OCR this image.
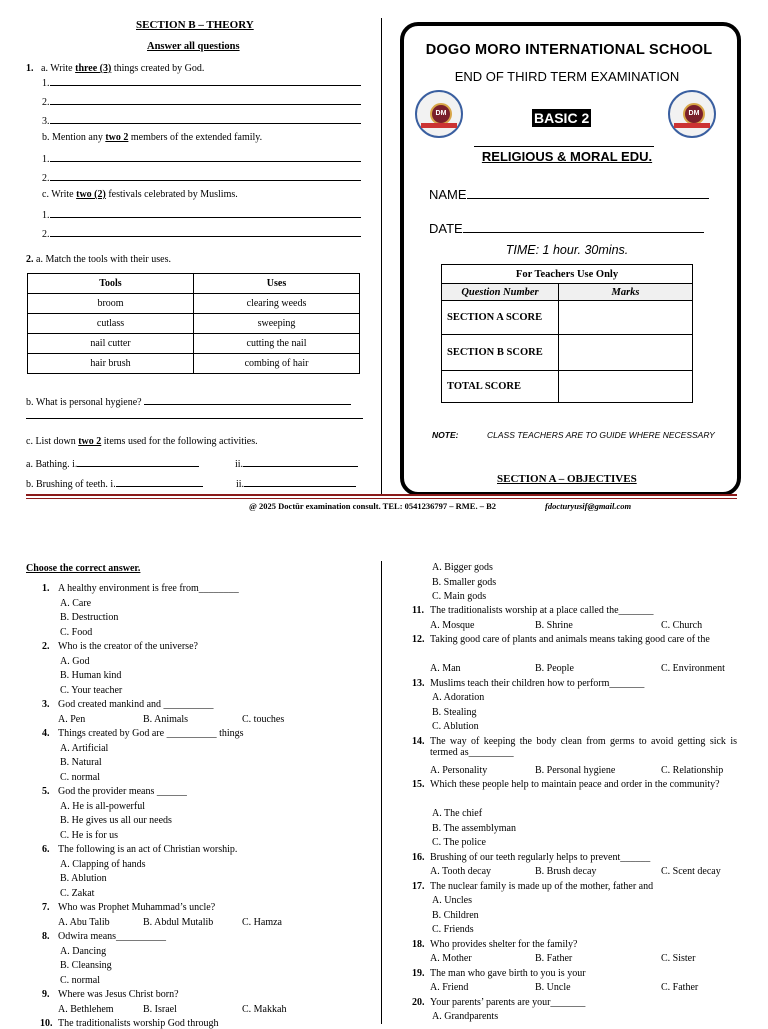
SECTION B – THEORY
Answer all questions
1. a. Write three (3) things created by God.
1.
2.
3.
b. Mention any two 2 members of the extended family.
1.
2.
c. Write two (2) festivals celebrated by Muslims.
1.
2.
2. a. Match the tools with their uses.
Tools	Uses
broom	clearing weeds
cutlass	sweeping
nail cutter	cutting the nail
hair brush	combing of hair
b. What is personal hygiene?
c. List down two 2 items used for the following activities.
a. Bathing. i.	ii.
b. Brushing of teeth. i.	ii.
DOGO MORO INTERNATIONAL SCHOOL
END OF THIRD TERM EXAMINATION
DM	DM
BASIC 2
RELIGIOUS & MORAL EDU.
NAME
DATE
TIME: 1 hour. 30mins.
For Teachers Use Only	
Question Number	Marks
SECTION A SCORE	
SECTION B SCORE	
TOTAL SCORE	
NOTE:	CLASS TEACHERS ARE TO GUIDE WHERE NECESSARY
SECTION A – OBJECTIVES
@ 2025 Doctūr examination consult. TEL: 0541236797 – RME. – B2	fdocturyusif@gmail.com
Choose the correct answer.
1. A healthy environment is free from________
A. Care
B. Destruction
C. Food
2. Who is the creator of the universe?
A. God
B. Human kind
C. Your teacher
3. God created mankind and __________
A. Pen	B. Animals	C. touches
4. Things created by God are __________ things
A. Artificial
B. Natural
C. normal
5. God the provider means ______
A. He is all-powerful
B. He gives us all our needs
C. He is for us
6. The following is an act of Christian worship.
A. Clapping of hands
B. Ablution
C. Zakat
7. Who was Prophet Muhammad’s uncle?
A. Abu Talib	B. Abdul Mutalib	C. Hamza
8. Odwira means__________
A. Dancing
B. Cleansing
C. normal
9. Where was Jesus Christ born?
A. Bethlehem	B. Israel	C. Makkah
10. The traditionalists worship God through
A. Bigger gods
B. Smaller gods
C. Main gods
11. The traditionalists worship at a place called the_______
A. Mosque	B. Shrine	C. Church
12. Taking good care of plants and animals means taking good care of the
A. Man	B. People	C. Environment
13. Muslims teach their children how to perform_______
A. Adoration
B. Stealing
C. Ablution
14. The way of keeping the body clean from germs to avoid getting sick is termed as_________
A. Personality	B. Personal hygiene	C. Relationship
15. Which these people help to maintain peace and order in the community?
A. The chief
B. The assemblyman
C. The police
16. Brushing of our teeth regularly helps to prevent______
A. Tooth decay	B. Brush decay	C. Scent decay
17. The nuclear family is made up of the mother, father and
A. Uncles
B. Children
C. Friends
18. Who provides shelter for the family?
A. Mother	B. Father	C. Sister
19. The man who gave birth to you is your
A. Friend	B. Uncle	C. Father
20. Your parents’ parents are your_______
A. Grandparents
